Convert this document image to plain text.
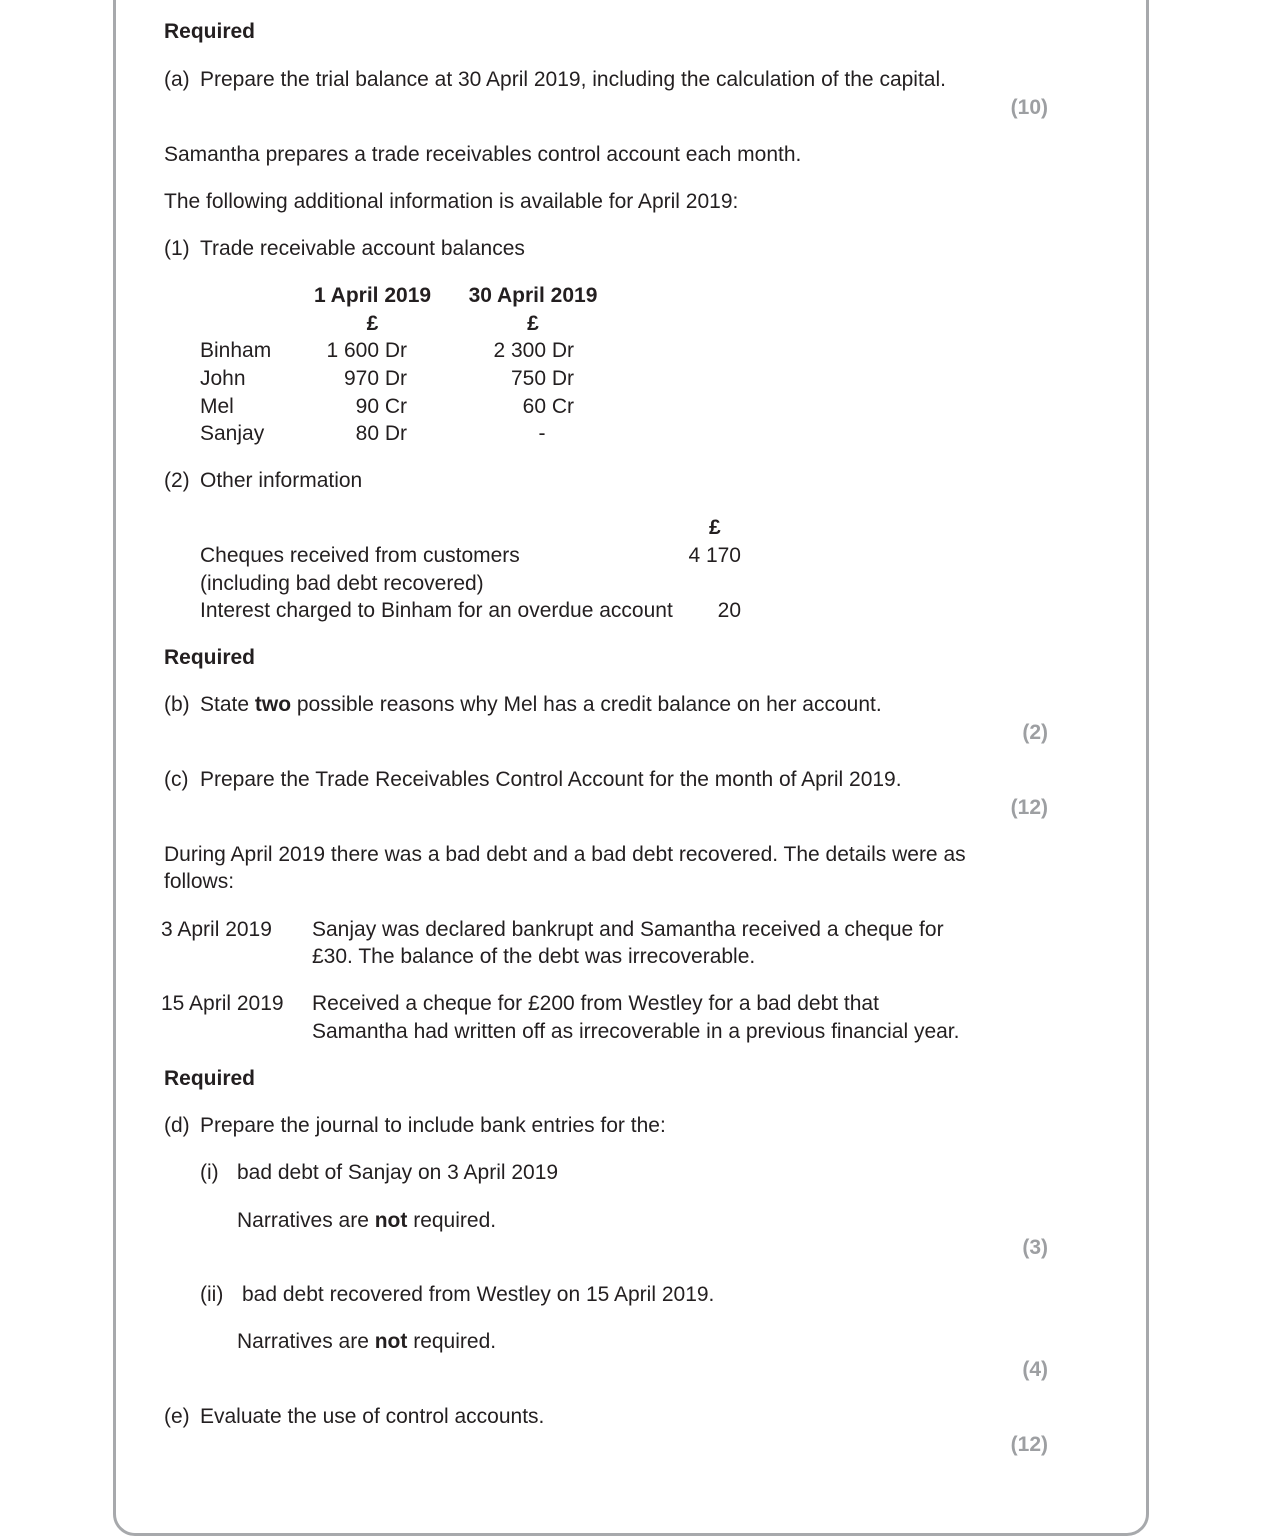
Required
(a) Prepare the trial balance at 30 April 2019, including the calculation of the capital.
(10)
Samantha prepares a trade receivables control account each month.
The following additional information is available for April 2019:
(1) Trade receivable account balances
1 April 2019	30 April 2019
£	£
Binham	1 600 Dr	2 300 Dr
John	970 Dr	750 Dr
Mel	90 Cr	60 Cr
Sanjay	80 Dr	-
(2) Other information
£
Cheques received from customers	4 170
(including bad debt recovered)
Interest charged to Binham for an overdue account	20
Required
(b) State two possible reasons why Mel has a credit balance on her account.
(2)
(c) Prepare the Trade Receivables Control Account for the month of April 2019.
(12)
During April 2019 there was a bad debt and a bad debt recovered. The details were as
follows:
3 April 2019 Sanjay was declared bankrupt and Samantha received a cheque for
£30. The balance of the debt was irrecoverable.
15 April 2019 Received a cheque for £200 from Westley for a bad debt that
Samantha had written off as irrecoverable in a previous financial year.
Required
(d) Prepare the journal to include bank entries for the:
(i) bad debt of Sanjay on 3 April 2019
Narratives are not required.
(3)
(ii) bad debt recovered from Westley on 15 April 2019.
Narratives are not required.
(4)
(e) Evaluate the use of control accounts.
(12)
